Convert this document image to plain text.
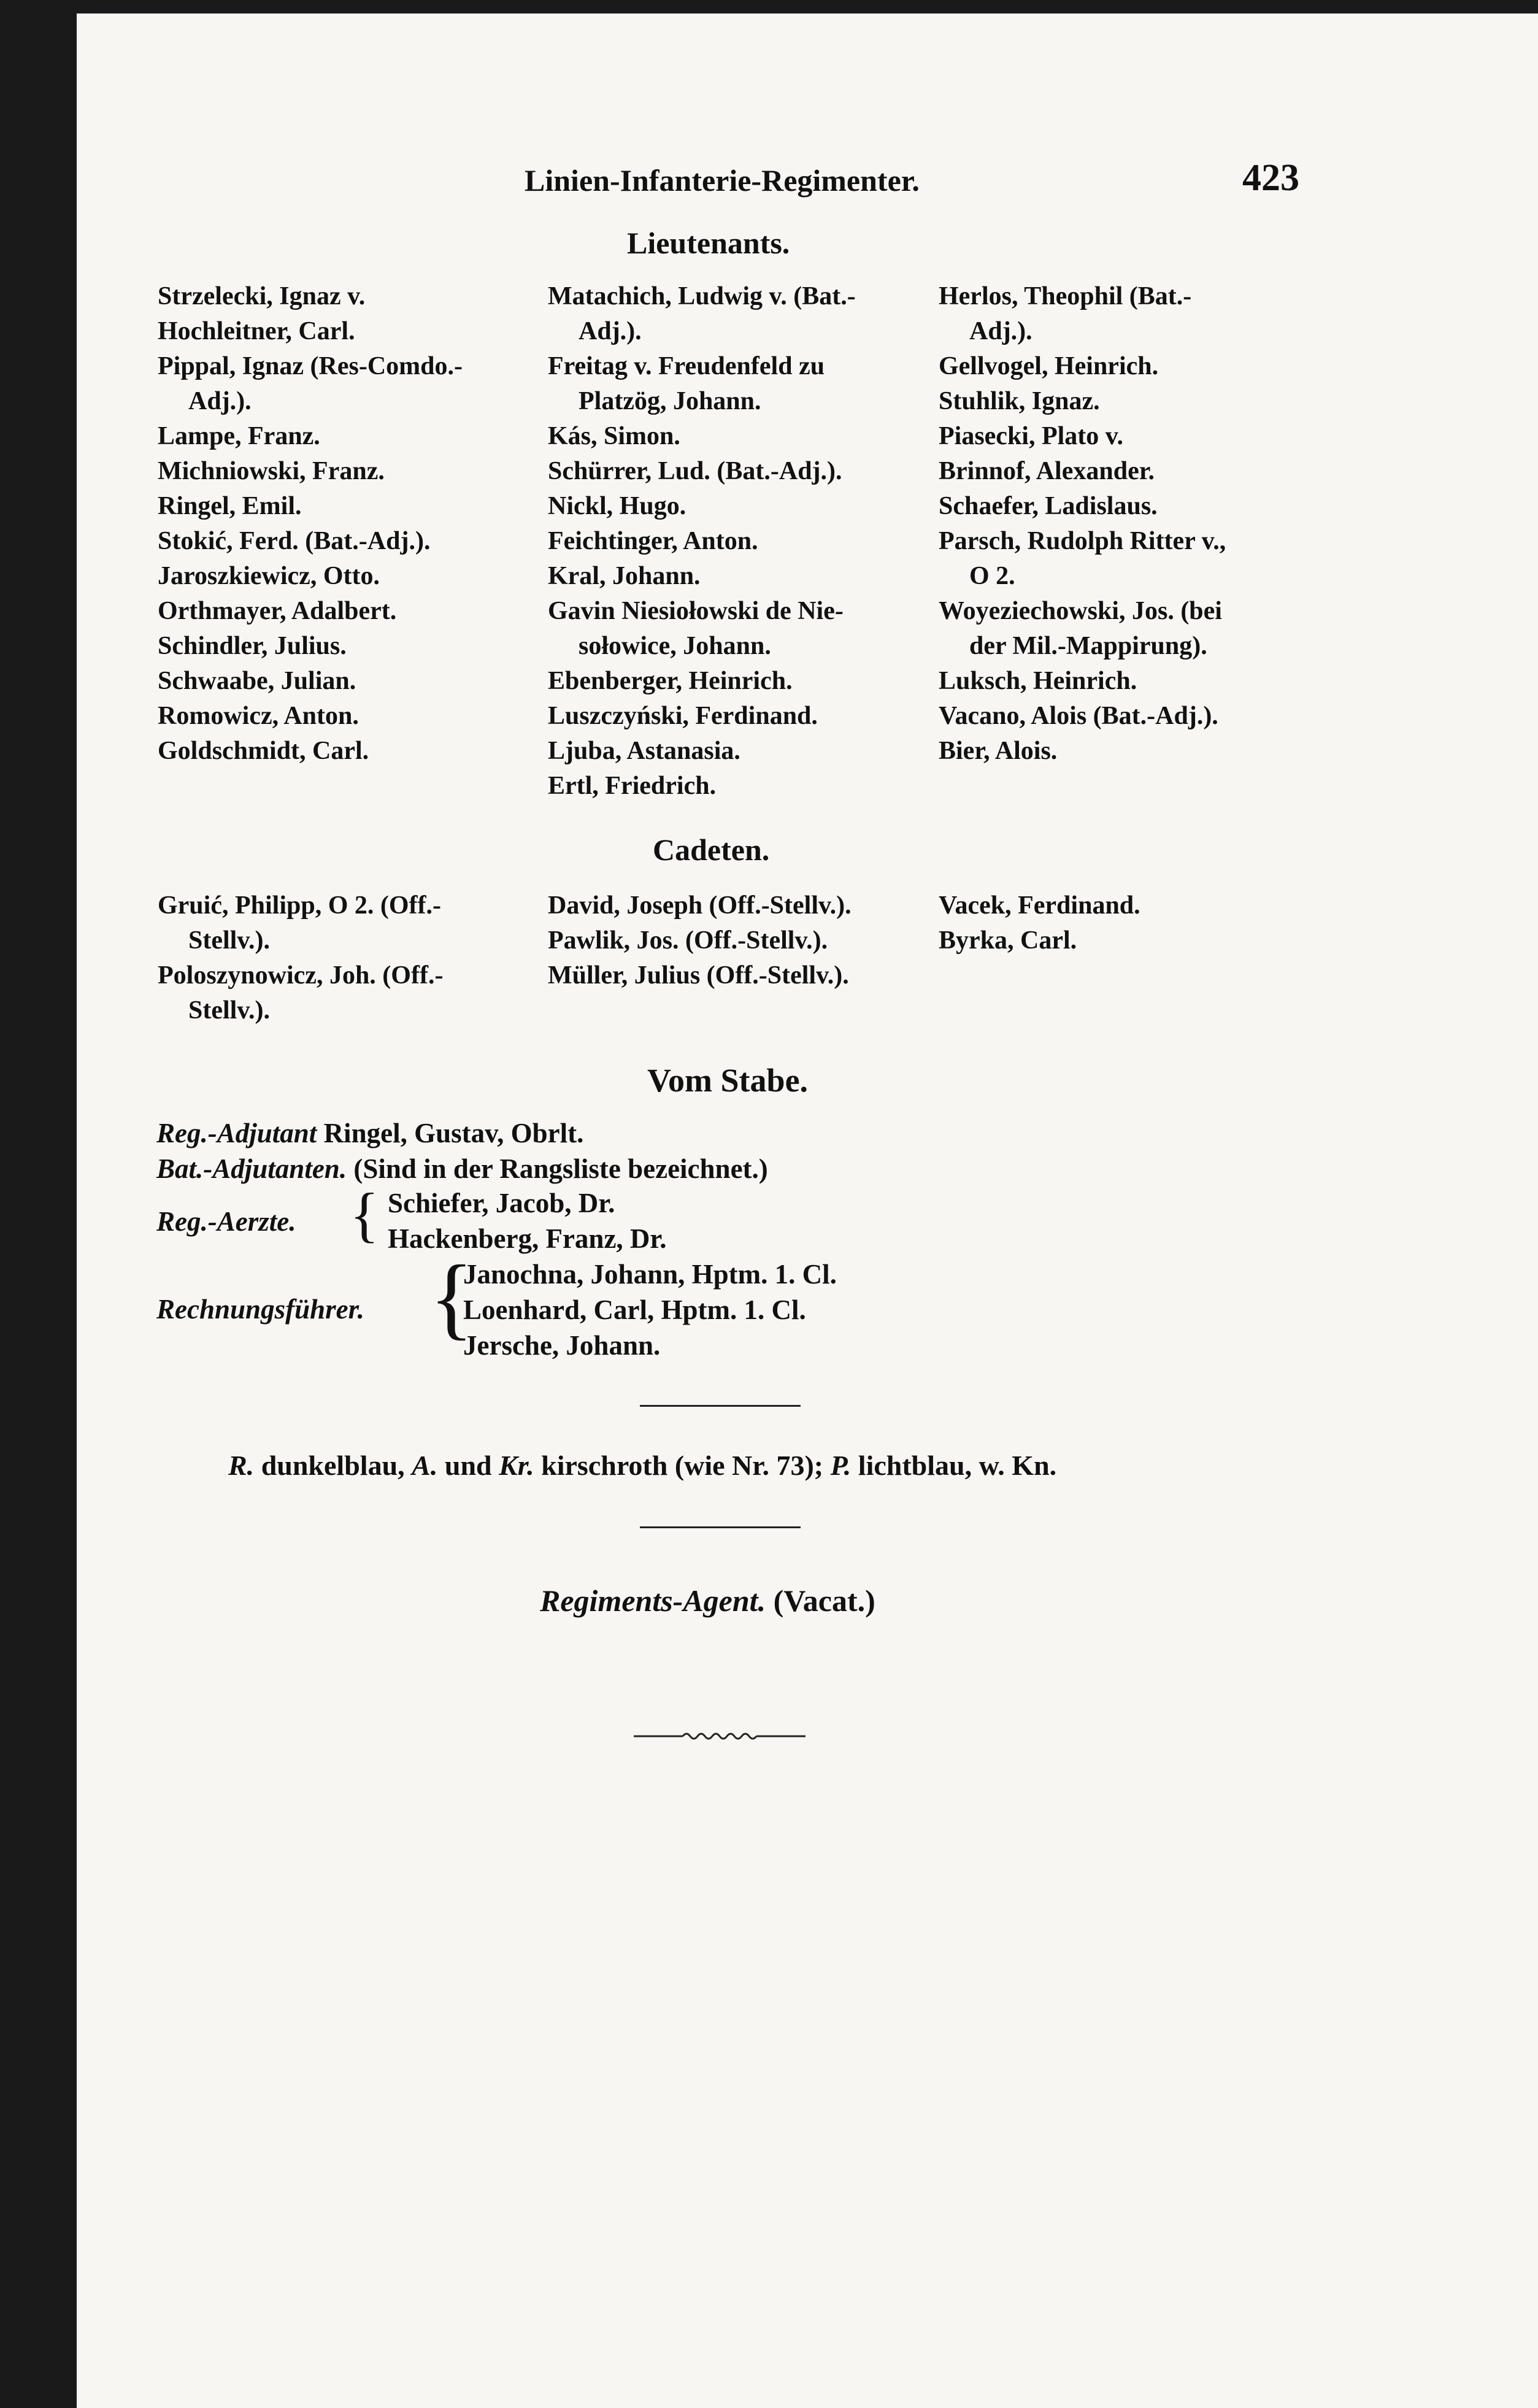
Linien-Infanterie-Regimenter.	423
Lieutenants.
Strzelecki, Ignaz v.
Hochleitner, Carl.
Pippal, Ignaz (Res-Comdo.-
Adj.).
Lampe, Franz.
Michniowski, Franz.
Ringel, Emil.
Stokić, Ferd. (Bat.-Adj.).
Jaroszkiewicz, Otto.
Orthmayer, Adalbert.
Schindler, Julius.
Schwaabe, Julian.
Romowicz, Anton.
Goldschmidt, Carl.
Matachich, Ludwig v. (Bat.-
Adj.).
Freitag v. Freudenfeld zu
Platzög, Johann.
Kás, Simon.
Schürrer, Lud. (Bat.-Adj.).
Nickl, Hugo.
Feichtinger, Anton.
Kral, Johann.
Gavin Niesiołowski de Nie-
sołowice, Johann.
Ebenberger, Heinrich.
Luszczyński, Ferdinand.
Ljuba, Astanasia.
Ertl, Friedrich.
Herlos, Theophil (Bat.-
Adj.).
Gellvogel, Heinrich.
Stuhlik, Ignaz.
Piasecki, Plato v.
Brinnof, Alexander.
Schaefer, Ladislaus.
Parsch, Rudolph Ritter v.,
O 2.
Woyeziechowski, Jos. (bei
der Mil.-Mappirung).
Luksch, Heinrich.
Vacano, Alois (Bat.-Adj.).
Bier, Alois.
Cadeten.
Gruić, Philipp, O 2. (Off.-
Stellv.).
Poloszynowicz, Joh. (Off.-
Stellv.).
David, Joseph (Off.-Stellv.).
Pawlik, Jos. (Off.-Stellv.).
Müller, Julius (Off.-Stellv.).
Vacek, Ferdinand.
Byrka, Carl.
Vom Stabe.
Reg.-Adjutant Ringel, Gustav, Obrlt.
Bat.-Adjutanten. (Sind in der Rangsliste bezeichnet.)
Reg.-Aerzte. { Schiefer, Jacob, Dr.
Hackenberg, Franz, Dr.
Rechnungsführer. {
Janochna, Johann, Hptm. 1. Cl.
Loenhard, Carl, Hptm. 1. Cl.
Jersche, Johann.
R. dunkelblau, A. und Kr. kirschroth (wie Nr. 73); P. lichtblau, w. Kn.
Regiments-Agent. (Vacat.)
